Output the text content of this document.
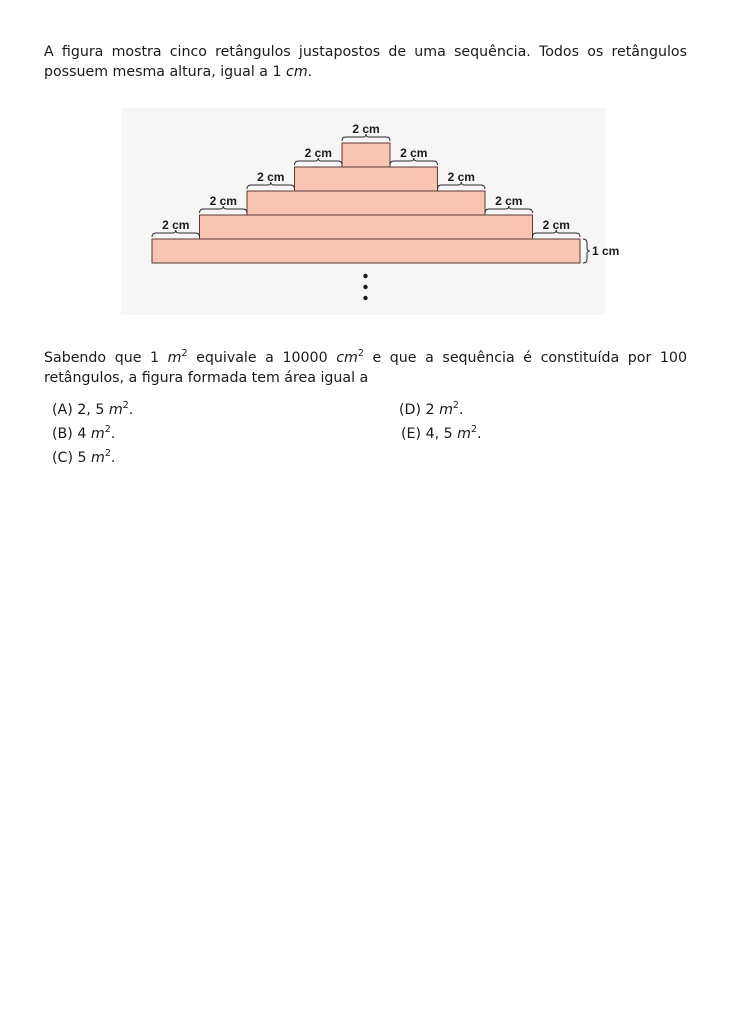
A figura mostra cinco retângulos justapostos de uma sequência. Todos os retângulos possuem mesma altura, igual a 1 cm.
2 cm
2 cm	2 cm
2 cm	2 cm
2 cm	2 cm
2 cm	2 cm
1 cm
Sabendo que 1 $m^2$ equivale a 10000 $cm^2$ e que a sequência é constituída por 100 retângulos, a figura formada tem área igual a
(A) 2, 5 $m^2$.
(B) 4 $m^2$.
(C) 5 $m^2$.
(D) 2 $m^2$.
(E) 4, 5 $m^2$.
